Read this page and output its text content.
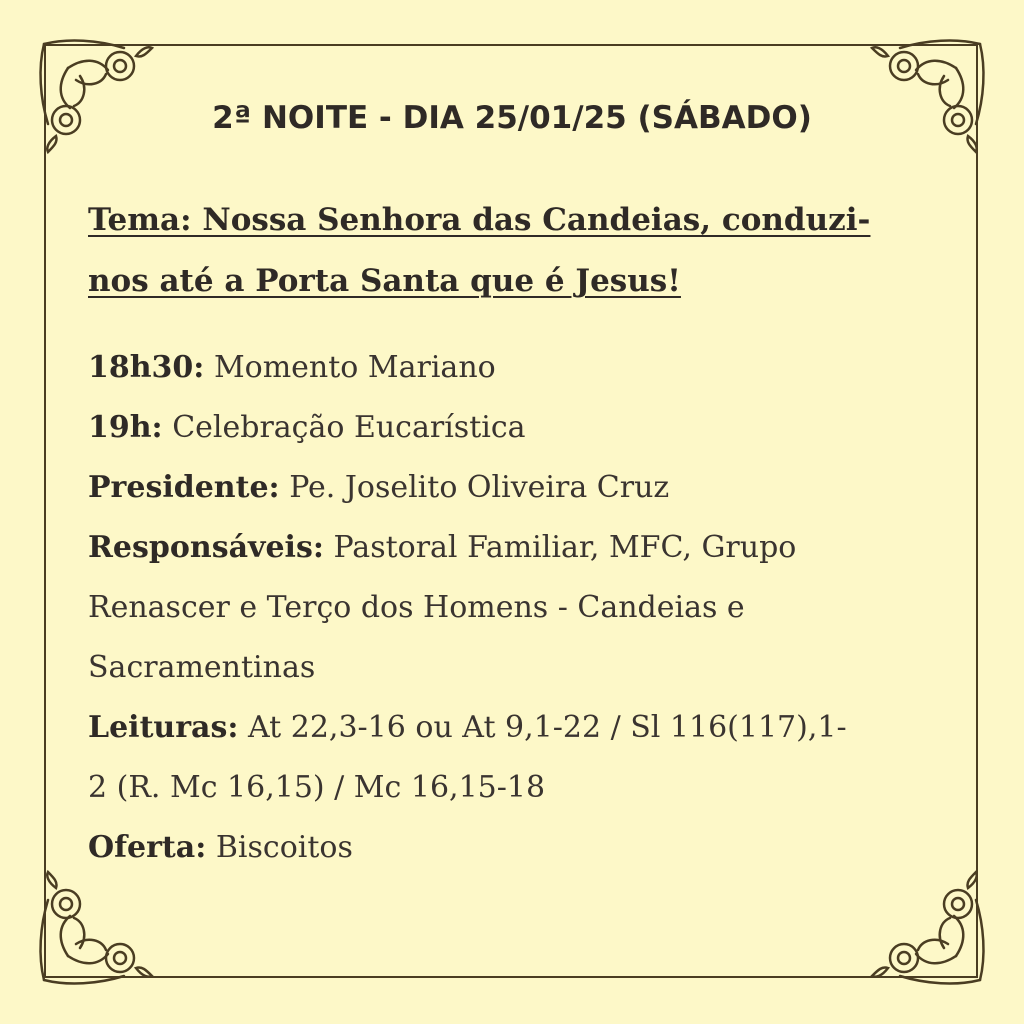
2ª NOITE - DIA 25/01/25 (SÁBADO)
Tema: Nossa Senhora das Candeias, conduzi-
nos até a Porta Santa que é Jesus!
18h30: Momento Mariano
19h: Celebração Eucarística
Presidente: Pe. Joselito Oliveira Cruz
Responsáveis: Pastoral Familiar, MFC, Grupo
Renascer e Terço dos Homens - Candeias e
Sacramentinas
Leituras: At 22,3-16 ou At 9,1-22 / Sl 116(117),1-
2 (R. Mc 16,15) / Mc 16,15-18
Oferta: Biscoitos
